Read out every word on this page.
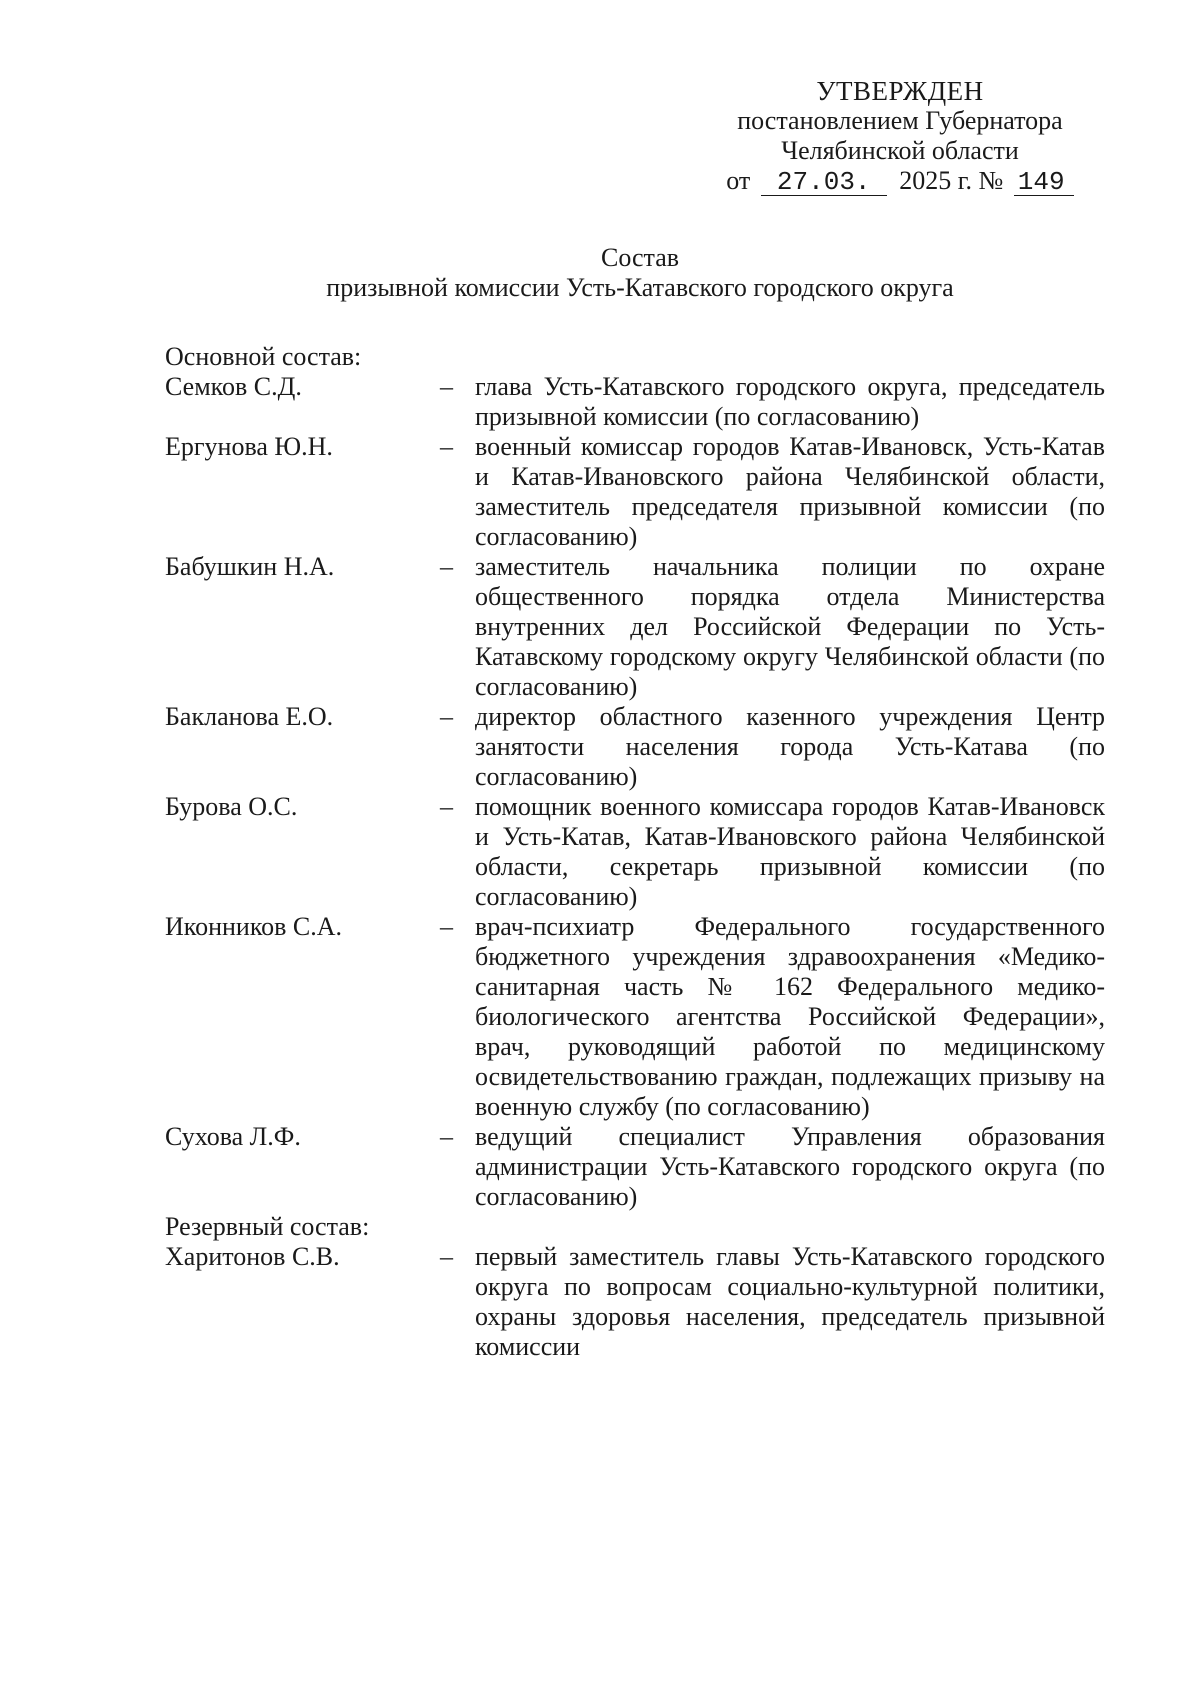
УТВЕРЖДЕН
постановлением Губернатора
Челябинской области
от 27.03. 2025 г. № 149
Состав
призывной комиссии Усть-Катавского городского округа
Основной состав:
Семков С.Д.	– глава Усть-Катавского городского округа, председатель призывной комиссии (по согласованию)
Ергунова Ю.Н.	– военный комиссар городов Катав-Ивановск, Усть-Катав и Катав-Ивановского района Челябинской области, заместитель председателя призывной комиссии (по согласованию)
Бабушкин Н.А.	– заместитель начальника полиции по охране общественного порядка отдела Министерства внутренних дел Российской Федерации по Усть-Катавскому городскому округу Челябинской области (по согласованию)
Бакланова Е.О.	– директор областного казенного учреждения Центр занятости населения города Усть-Катава (по согласованию)
Бурова О.С.	– помощник военного комиссара городов Катав-Ивановск и Усть-Катав, Катав-Ивановского района Челябинской области, секретарь призывной комиссии (по согласованию)
Иконников С.А.	– врач-психиатр Федерального государственного бюджетного учреждения здравоохранения «Медико-санитарная часть № 162 Федерального медико-биологического агентства Российской Федерации», врач, руководящий работой по медицинскому освидетельствованию граждан, подлежащих призыву на военную службу (по согласованию)
Сухова Л.Ф.	– ведущий специалист Управления образования администрации Усть-Катавского городского округа (по согласованию)
Резервный состав:
Харитонов С.В.	– первый заместитель главы Усть-Катавского городского округа по вопросам социально-культурной политики, охраны здоровья населения, председатель призывной комиссии
